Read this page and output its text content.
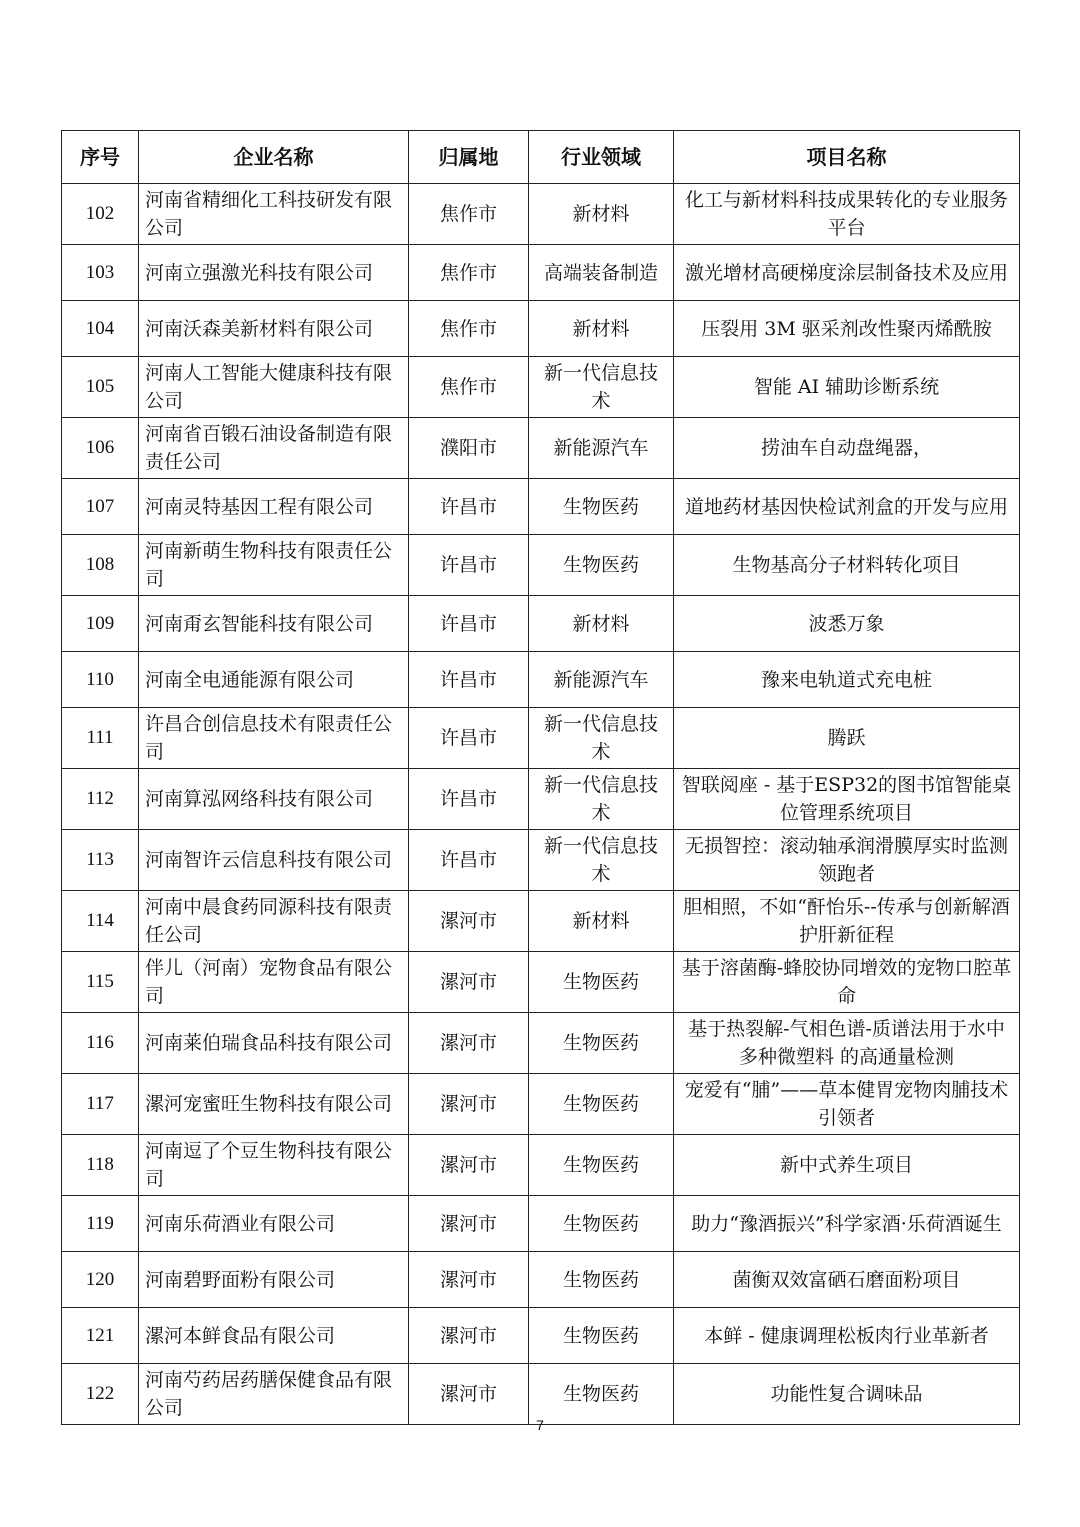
序号	企业名称	归属地	行业领域	项目名称
102	河南省精细化工科技研发有限公司	焦作市	新材料	化工与新材料科技成果转化的专业服务平台
103	河南立强激光科技有限公司	焦作市	高端装备制造	激光增材高硬梯度涂层制备技术及应用
104	河南沃森美新材料有限公司	焦作市	新材料	压裂用 3M 驱采剂改性聚丙烯酰胺
105	河南人工智能大健康科技有限公司	焦作市	新一代信息技术	智能 AI 辅助诊断系统
106	河南省百锻石油设备制造有限责任公司	濮阳市	新能源汽车	捞油车自动盘绳器，
107	河南灵特基因工程有限公司	许昌市	生物医药	道地药材基因快检试剂盒的开发与应用
108	河南新萌生物科技有限责任公司	许昌市	生物医药	生物基高分子材料转化项目
109	河南甭玄智能科技有限公司	许昌市	新材料	波悉万象
110	河南全电通能源有限公司	许昌市	新能源汽车	豫来电轨道式充电桩
111	许昌合创信息技术有限责任公司	许昌市	新一代信息技术	腾跃
112	河南算泓网络科技有限公司	许昌市	新一代信息技术	智联阅座 - 基于ESP32的图书馆智能桌位管理系统项目
113	河南智许云信息科技有限公司	许昌市	新一代信息技术	无损智控：滚动轴承润滑膜厚实时监测领跑者
114	河南中晨食药同源科技有限责任公司	漯河市	新材料	胆相照，不如“酐怡乐--传承与创新解酒护肝新征程
115	伴儿（河南）宠物食品有限公司	漯河市	生物医药	基于溶菌酶-蜂胶协同增效的宠物口腔革命
116	河南莱伯瑞食品科技有限公司	漯河市	生物医药	基于热裂解-气相色谱-质谱法用于水中多种微塑料 的高通量检测
117	漯河宠蜜旺生物科技有限公司	漯河市	生物医药	宠爱有“脯”——草本健胃宠物肉脯技术引领者
118	河南逗了个豆生物科技有限公司	漯河市	生物医药	新中式养生项目
119	河南乐荷酒业有限公司	漯河市	生物医药	助力“豫酒振兴”科学家酒·乐荷酒诞生
120	河南碧野面粉有限公司	漯河市	生物医药	菌衡双效富硒石磨面粉项目
121	漯河本鲜食品有限公司	漯河市	生物医药	本鲜 - 健康调理松板肉行业革新者
122	河南芍药居药膳保健食品有限公司	漯河市	生物医药	功能性复合调味品
7
